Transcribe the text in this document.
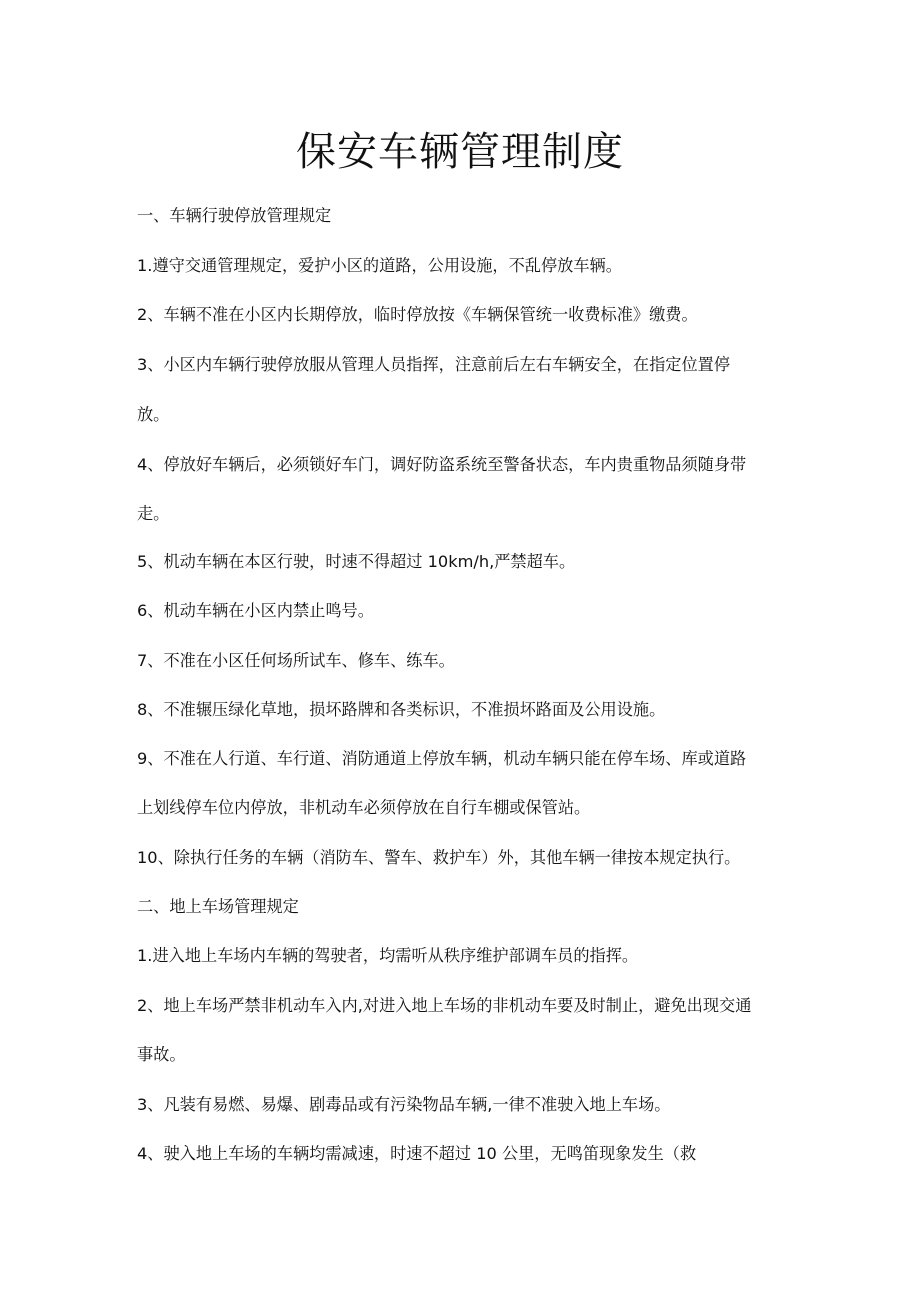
保安车辆管理制度

一、车辆行驶停放管理规定

1.遵守交通管理规定，爱护小区的道路，公用设施，不乱停放车辆。

2、车辆不准在小区内长期停放，临时停放按《车辆保管统一收费标准》缴费。

3、小区内车辆行驶停放服从管理人员指挥，注意前后左右车辆安全，在指定位置停

放。

4、停放好车辆后，必须锁好车门，调好防盗系统至警备状态，车内贵重物品须随身带

走。

5、机动车辆在本区行驶，时速不得超过 10km/h,严禁超车。

6、机动车辆在小区内禁止鸣号。

7、不准在小区任何场所试车、修车、练车。

8、不准辗压绿化草地，损坏路牌和各类标识，不准损坏路面及公用设施。

9、不准在人行道、车行道、消防通道上停放车辆，机动车辆只能在停车场、库或道路

上划线停车位内停放，非机动车必须停放在自行车棚或保管站。

10、除执行任务的车辆（消防车、警车、救护车）外，其他车辆一律按本规定执行。

二、地上车场管理规定

1.进入地上车场内车辆的驾驶者，均需听从秩序维护部调车员的指挥。

2、地上车场严禁非机动车入内,对进入地上车场的非机动车要及时制止，避免出现交通

事故。

3、凡装有易燃、易爆、剧毒品或有污染物品车辆,一律不准驶入地上车场。

4、驶入地上车场的车辆均需减速，时速不超过 10 公里，无鸣笛现象发生（救
